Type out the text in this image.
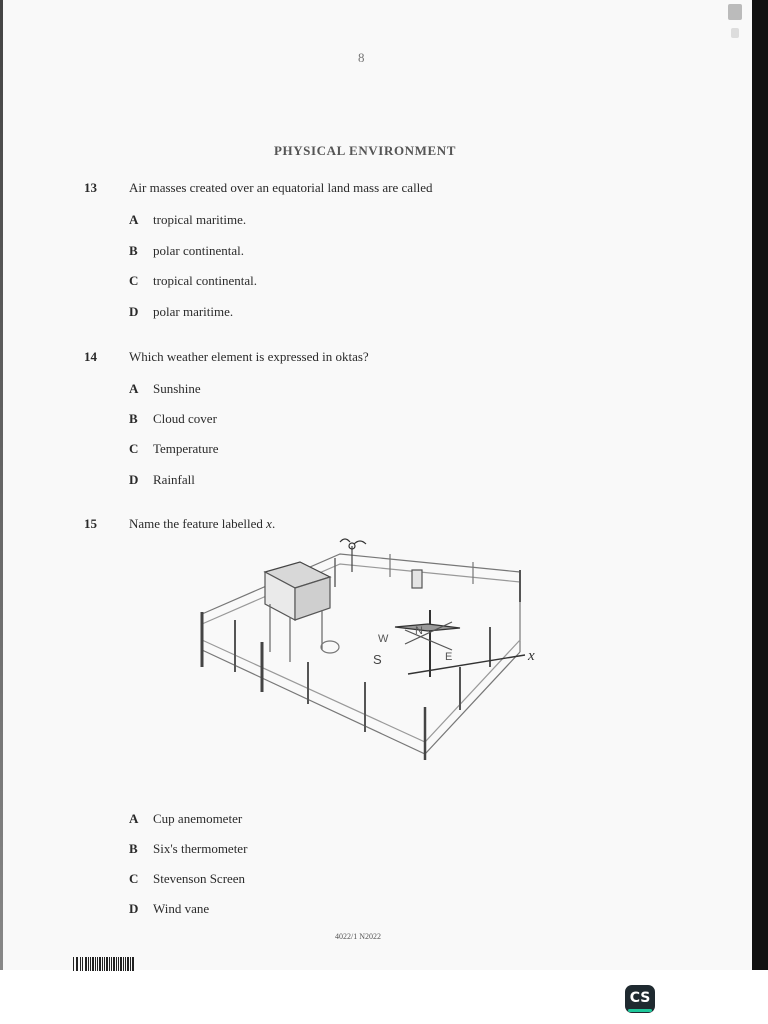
8
PHYSICAL ENVIRONMENT
13 Air masses created over an equatorial land mass are called
A tropical maritime.
B polar continental.
C tropical continental.
D polar maritime.
14 Which weather element is expressed in oktas?
A Sunshine
B Cloud cover
C Temperature
D Rainfall
15 Name the feature labelled x.
N
W
S	E	x
A Cup anemometer
B Six's thermometer
C Stevenson Screen
D Wind vane
4022/1 N2022
CS
